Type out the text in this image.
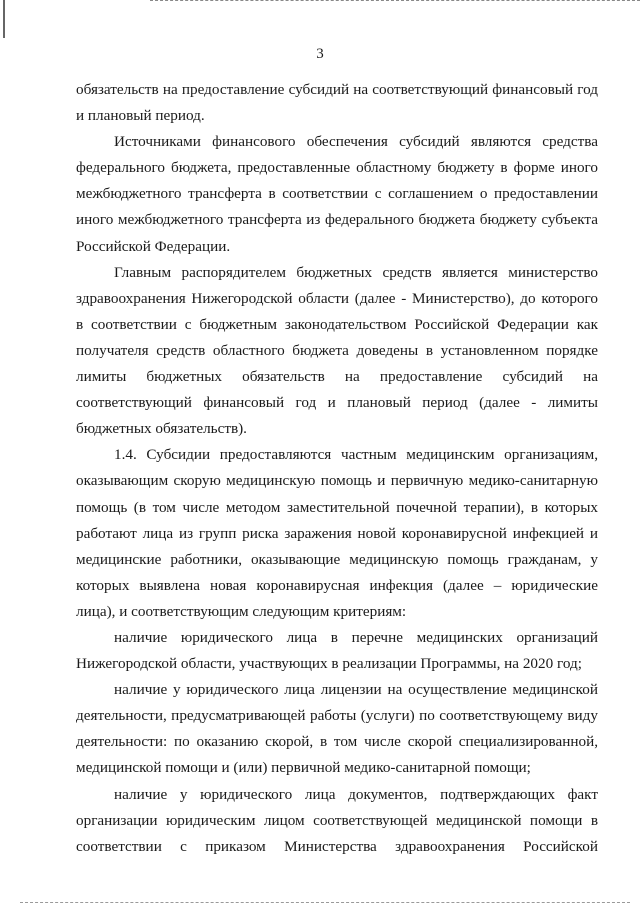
3
обязательств на предоставление субсидий на соответствующий финансовый год
и плановый период.
Источниками финансового обеспечения субсидий являются средства
федерального бюджета, предоставленные областному бюджету в форме иного
межбюджетного трансферта в соответствии с соглашением о предоставлении
иного межбюджетного трансферта из федерального бюджета бюджету субъекта
Российской Федерации.
Главным распорядителем бюджетных средств является министерство
здравоохранения Нижегородской области (далее - Министерство), до которого
в соответствии с бюджетным законодательством Российской Федерации как
получателя средств областного бюджета доведены в установленном порядке
лимиты бюджетных обязательств на предоставление субсидий на
соответствующий финансовый год и плановый период (далее - лимиты
бюджетных обязательств).
1.4. Субсидии предоставляются частным медицинским организациям,
оказывающим скорую медицинскую помощь и первичную медико-санитарную
помощь (в том числе методом заместительной почечной терапии), в которых
работают лица из групп риска заражения новой коронавирусной инфекцией и
медицинские работники, оказывающие медицинскую помощь гражданам, у
которых выявлена новая коронавирусная инфекция (далее – юридические
лица), и соответствующим следующим критериям:
наличие юридического лица в перечне медицинских организаций
Нижегородской области, участвующих в реализации Программы, на 2020 год;
наличие у юридического лица лицензии на осуществление медицинской
деятельности, предусматривающей работы (услуги) по соответствующему виду
деятельности: по оказанию скорой, в том числе скорой специализированной,
медицинской помощи и (или) первичной медико-санитарной помощи;
наличие у юридического лица документов, подтверждающих факт
организации юридическим лицом соответствующей медицинской помощи в
соответствии с приказом Министерства здравоохранения Российской
